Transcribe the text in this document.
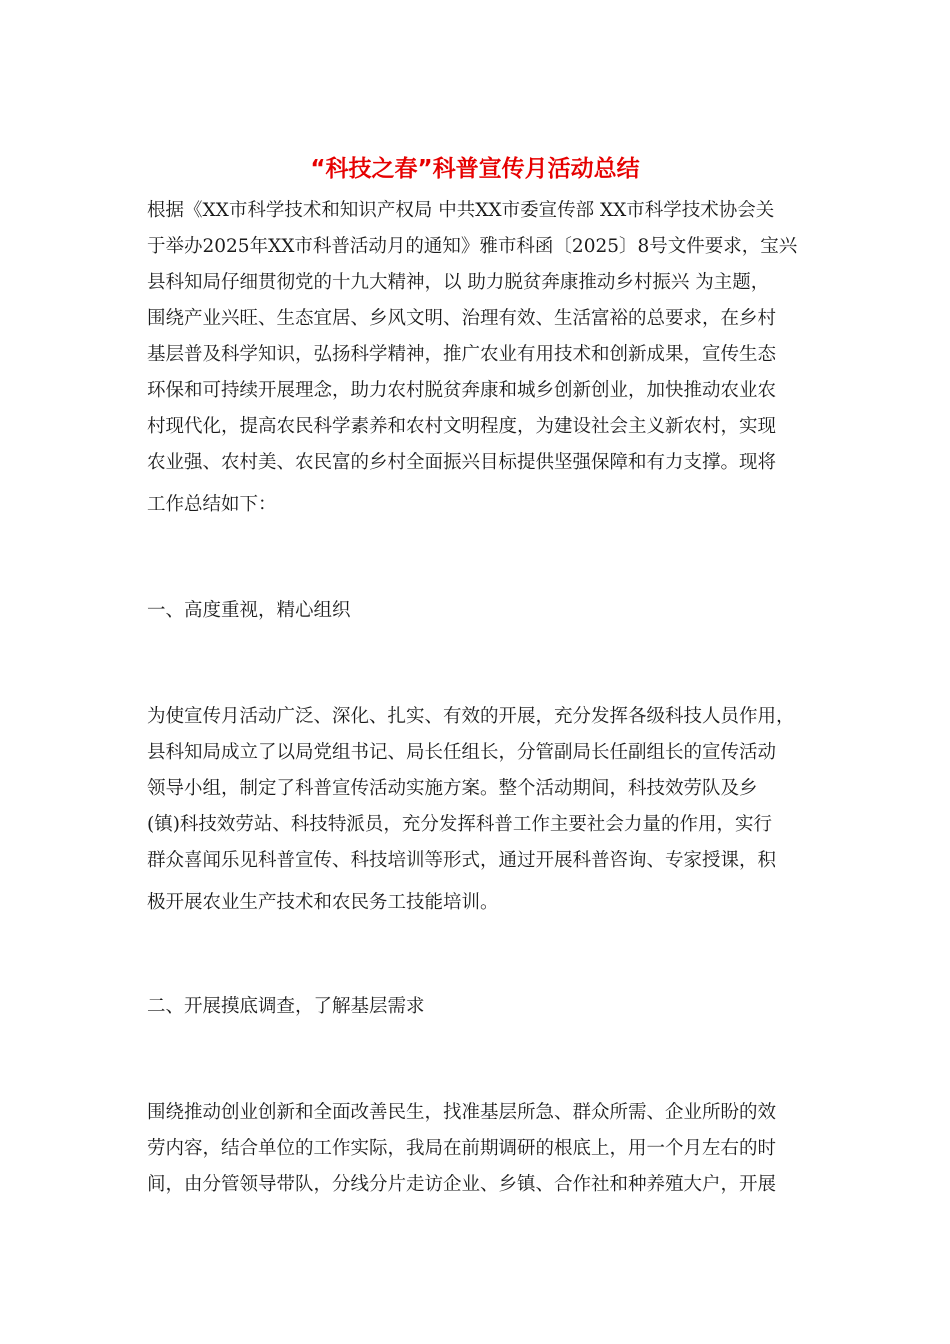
“科技之春”科普宣传月活动总结
根据《XX市科学技术和知识产权局 中共XX市委宣传部 XX市科学技术协会关
于举办2025年XX市科普活动月的通知》雅市科函〔2025〕8号文件要求，宝兴
县科知局仔细贯彻党的十九大精神，以 助力脱贫奔康推动乡村振兴 为主题，
围绕产业兴旺、生态宜居、乡风文明、治理有效、生活富裕的总要求，在乡村
基层普及科学知识，弘扬科学精神，推广农业有用技术和创新成果，宣传生态
环保和可持续开展理念，助力农村脱贫奔康和城乡创新创业，加快推动农业农
村现代化，提高农民科学素养和农村文明程度，为建设社会主义新农村，实现
农业强、农村美、农民富的乡村全面振兴目标提供坚强保障和有力支撑。现将
工作总结如下：
一、高度重视，精心组织
为使宣传月活动广泛、深化、扎实、有效的开展，充分发挥各级科技人员作用，
县科知局成立了以局党组书记、局长任组长，分管副局长任副组长的宣传活动
领导小组，制定了科普宣传活动实施方案。整个活动期间，科技效劳队及乡
(镇)科技效劳站、科技特派员，充分发挥科普工作主要社会力量的作用，实行
群众喜闻乐见科普宣传、科技培训等形式，通过开展科普咨询、专家授课，积
极开展农业生产技术和农民务工技能培训。
二、开展摸底调查，了解基层需求
围绕推动创业创新和全面改善民生，找准基层所急、群众所需、企业所盼的效
劳内容，结合单位的工作实际，我局在前期调研的根底上，用一个月左右的时
间，由分管领导带队，分线分片走访企业、乡镇、合作社和种养殖大户，开展
